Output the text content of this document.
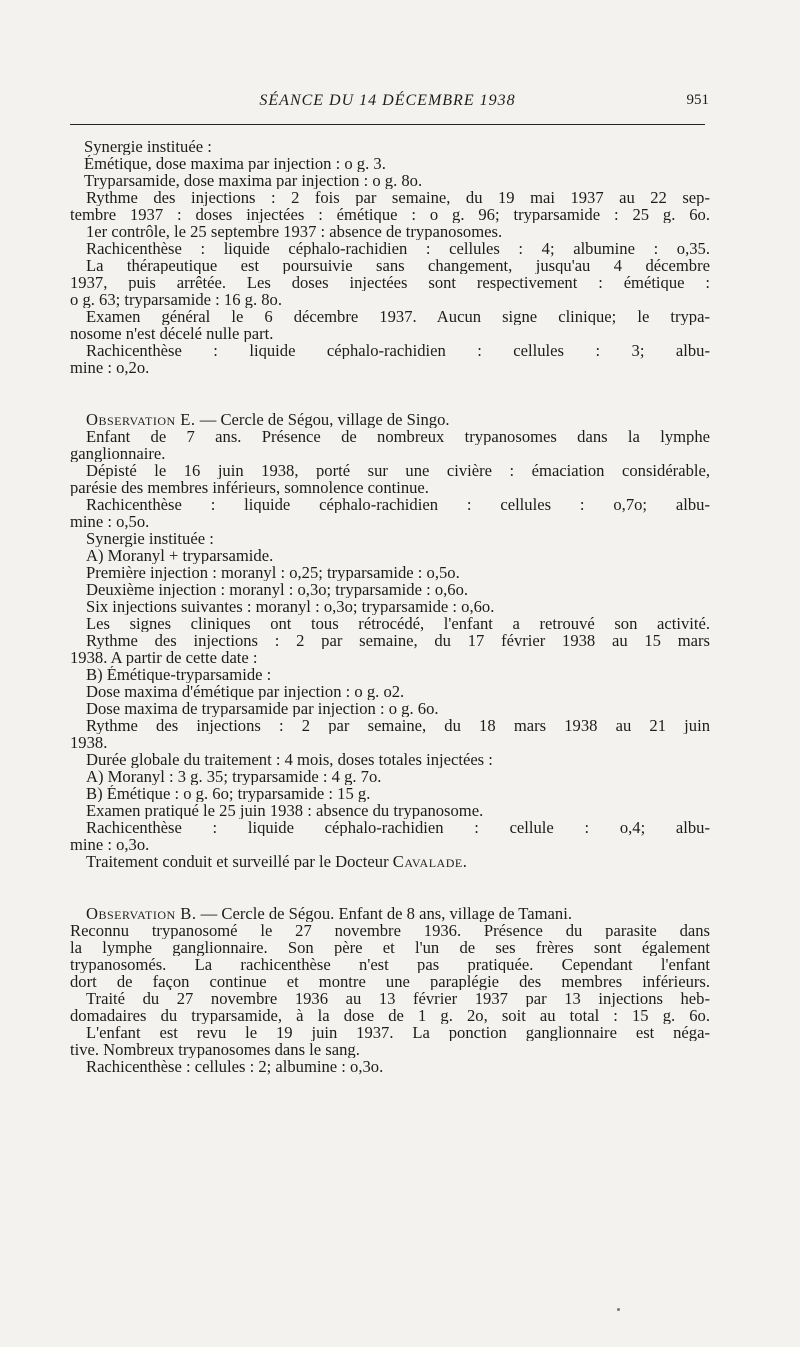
SÉANCE DU 14 DÉCEMBRE 1938	951
Synergie instituée :
Émétique, dose maxima par injection : o g. 3.
Tryparsamide, dose maxima par injection : o g. 8o.
Rythme des injections : 2 fois par semaine, du 19 mai 1937 au 22 sep-
tembre 1937 : doses injectées : émétique : o g. 96; tryparsamide : 25 g. 6o.
1er contrôle, le 25 septembre 1937 : absence de trypanosomes.
Rachicenthèse : liquide céphalo-rachidien : cellules : 4; albumine : o,35.
La thérapeutique est poursuivie sans changement, jusqu'au 4 décembre
1937, puis arrêtée. Les doses injectées sont respectivement : émétique :
o g. 63; tryparsamide : 16 g. 8o.
Examen général le 6 décembre 1937. Aucun signe clinique; le trypa-
nosome n'est décelé nulle part.
Rachicenthèse : liquide céphalo-rachidien : cellules : 3; albu-
mine : o,2o.
Observation E. — Cercle de Ségou, village de Singo.
Enfant de 7 ans. Présence de nombreux trypanosomes dans la lymphe
ganglionnaire.
Dépisté le 16 juin 1938, porté sur une civière : émaciation considérable,
parésie des membres inférieurs, somnolence continue.
Rachicenthèse : liquide céphalo-rachidien : cellules : o,7o; albu-
mine : o,5o.
Synergie instituée :
A) Moranyl + tryparsamide.
Première injection : moranyl : o,25; tryparsamide : o,5o.
Deuxième injection : moranyl : o,3o; tryparsamide : o,6o.
Six injections suivantes : moranyl : o,3o; tryparsamide : o,6o.
Les signes cliniques ont tous rétrocédé, l'enfant a retrouvé son activité.
Rythme des injections : 2 par semaine, du 17 février 1938 au 15 mars
1938. A partir de cette date :
B) Émétique-tryparsamide :
Dose maxima d'émétique par injection : o g. o2.
Dose maxima de tryparsamide par injection : o g. 6o.
Rythme des injections : 2 par semaine, du 18 mars 1938 au 21 juin
1938.
Durée globale du traitement : 4 mois, doses totales injectées :
A) Moranyl : 3 g. 35; tryparsamide : 4 g. 7o.
B) Émétique : o g. 6o; tryparsamide : 15 g.
Examen pratiqué le 25 juin 1938 : absence du trypanosome.
Rachicenthèse : liquide céphalo-rachidien : cellule : o,4; albu-
mine : o,3o.
Traitement conduit et surveillé par le Docteur Cavalade.
Observation B. — Cercle de Ségou. Enfant de 8 ans, village de Tamani.
Reconnu trypanosomé le 27 novembre 1936. Présence du parasite dans
la lymphe ganglionnaire. Son père et l'un de ses frères sont également
trypanosomés. La rachicenthèse n'est pas pratiquée. Cependant l'enfant
dort de façon continue et montre une paraplégie des membres inférieurs.
Traité du 27 novembre 1936 au 13 février 1937 par 13 injections heb-
domadaires du tryparsamide, à la dose de 1 g. 2o, soit au total : 15 g. 6o.
L'enfant est revu le 19 juin 1937. La ponction ganglionnaire est néga-
tive. Nombreux trypanosomes dans le sang.
Rachicenthèse : cellules : 2; albumine : o,3o.
